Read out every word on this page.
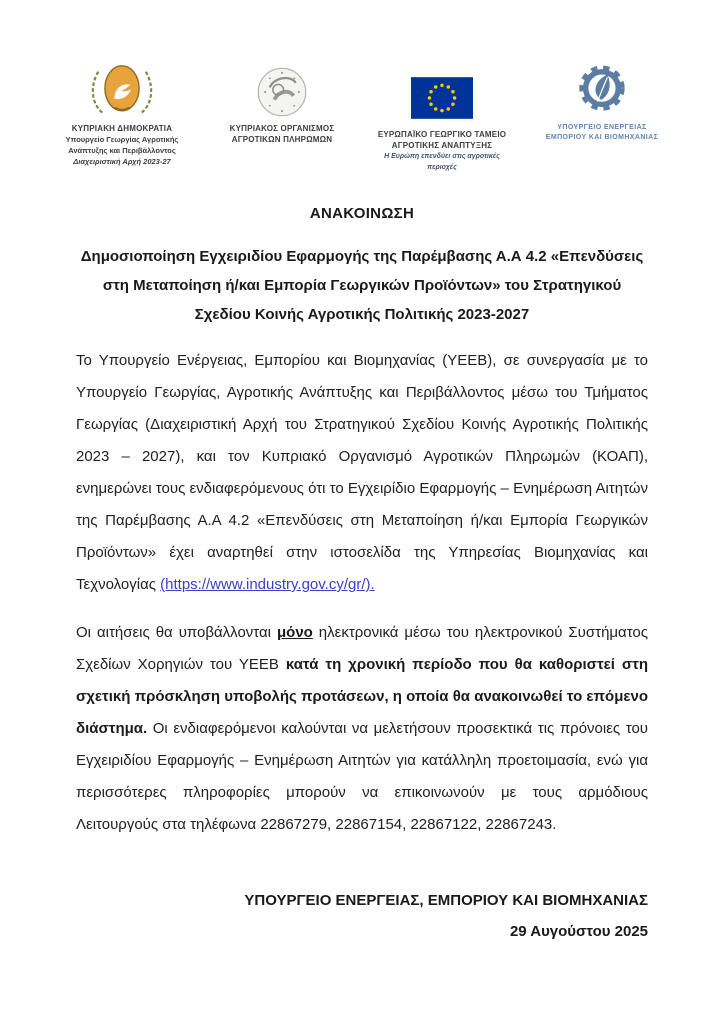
ΚΥΠΡΙΑΚΗ ΔΗΜΟΚΡΑΤΙΑ
Υπουργείο Γεωργίας Αγροτικής
Ανάπτυξης και Περιβάλλοντος
Διαχειριστική Αρχή 2023-27
ΚΥΠΡΙΑΚΟΣ ΟΡΓΑΝΙΣΜΟΣ
ΑΓΡΟΤΙΚΩΝ ΠΛΗΡΩΜΩΝ
ΕΥΡΩΠΑΪΚΟ ΓΕΩΡΓΙΚΟ ΤΑΜΕΙΟ
ΑΓΡΟΤΙΚΗΣ ΑΝΑΠΤΥΞΗΣ
Η Ευρώπη επενδύει στις αγροτικές
περιοχές
ΥΠΟΥΡΓΕΙΟ ΕΝΕΡΓΕΙΑΣ
ΕΜΠΟΡΙΟΥ ΚΑΙ ΒΙΟΜΗΧΑΝΙΑΣ
ΑΝΑΚΟΙΝΩΣΗ
Δημοσιοποίηση Εγχειριδίου Εφαρμογής της Παρέμβασης Α.Α 4.2 «Επενδύσεις στη Μεταποίηση ή/και Εμπορία Γεωργικών Προϊόντων» του Στρατηγικού Σχεδίου Κοινής Αγροτικής Πολιτικής 2023-2027

Το Υπουργείο Ενέργειας, Εμπορίου και Βιομηχανίας (ΥΕΕΒ), σε συνεργασία με το Υπουργείο Γεωργίας, Αγροτικής Ανάπτυξης και Περιβάλλοντος μέσω του Τμήματος Γεωργίας (Διαχειριστική Αρχή του Στρατηγικού Σχεδίου Κοινής Αγροτικής Πολιτικής 2023 – 2027), και τον Κυπριακό Οργανισμό Αγροτικών Πληρωμών (ΚΟΑΠ), ενημερώνει τους ενδιαφερόμενους ότι το Εγχειρίδιο Εφαρμογής – Ενημέρωση Αιτητών της Παρέμβασης Α.Α 4.2 «Επενδύσεις στη Μεταποίηση ή/και Εμπορία Γεωργικών Προϊόντων» έχει αναρτηθεί στην ιστοσελίδα της Υπηρεσίας Βιομηχανίας και Τεχνολογίας (https://www.industry.gov.cy/gr/).

Οι αιτήσεις θα υποβάλλονται μόνο ηλεκτρονικά μέσω του ηλεκτρονικού Συστήματος Σχεδίων Χορηγιών του ΥΕΕΒ κατά τη χρονική περίοδο που θα καθοριστεί στη σχετική πρόσκληση υποβολής προτάσεων, η οποία θα ανακοινωθεί το επόμενο διάστημα. Οι ενδιαφερόμενοι καλούνται να μελετήσουν προσεκτικά τις πρόνοιες του Εγχειριδίου Εφαρμογής – Ενημέρωση Αιτητών για κατάλληλη προετοιμασία, ενώ για περισσότερες πληροφορίες μπορούν να επικοινωνούν με τους αρμόδιους Λειτουργούς στα τηλέφωνα 22867279, 22867154, 22867122, 22867243.

ΥΠΟΥΡΓΕΙΟ ΕΝΕΡΓΕΙΑΣ, ΕΜΠΟΡΙΟΥ ΚΑΙ ΒΙΟΜΗΧΑΝΙΑΣ
29 Αυγούστου 2025
